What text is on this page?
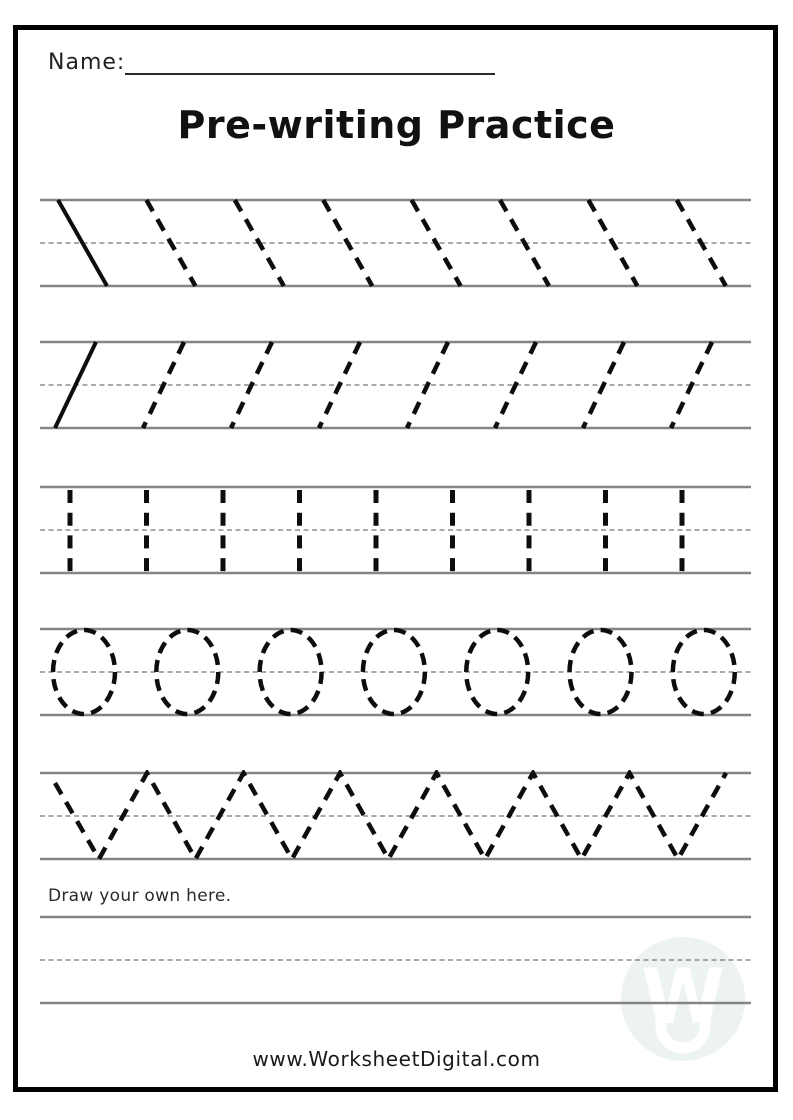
W
Name:
Pre-writing Practice
Draw your own here.
www.WorksheetDigital.com
